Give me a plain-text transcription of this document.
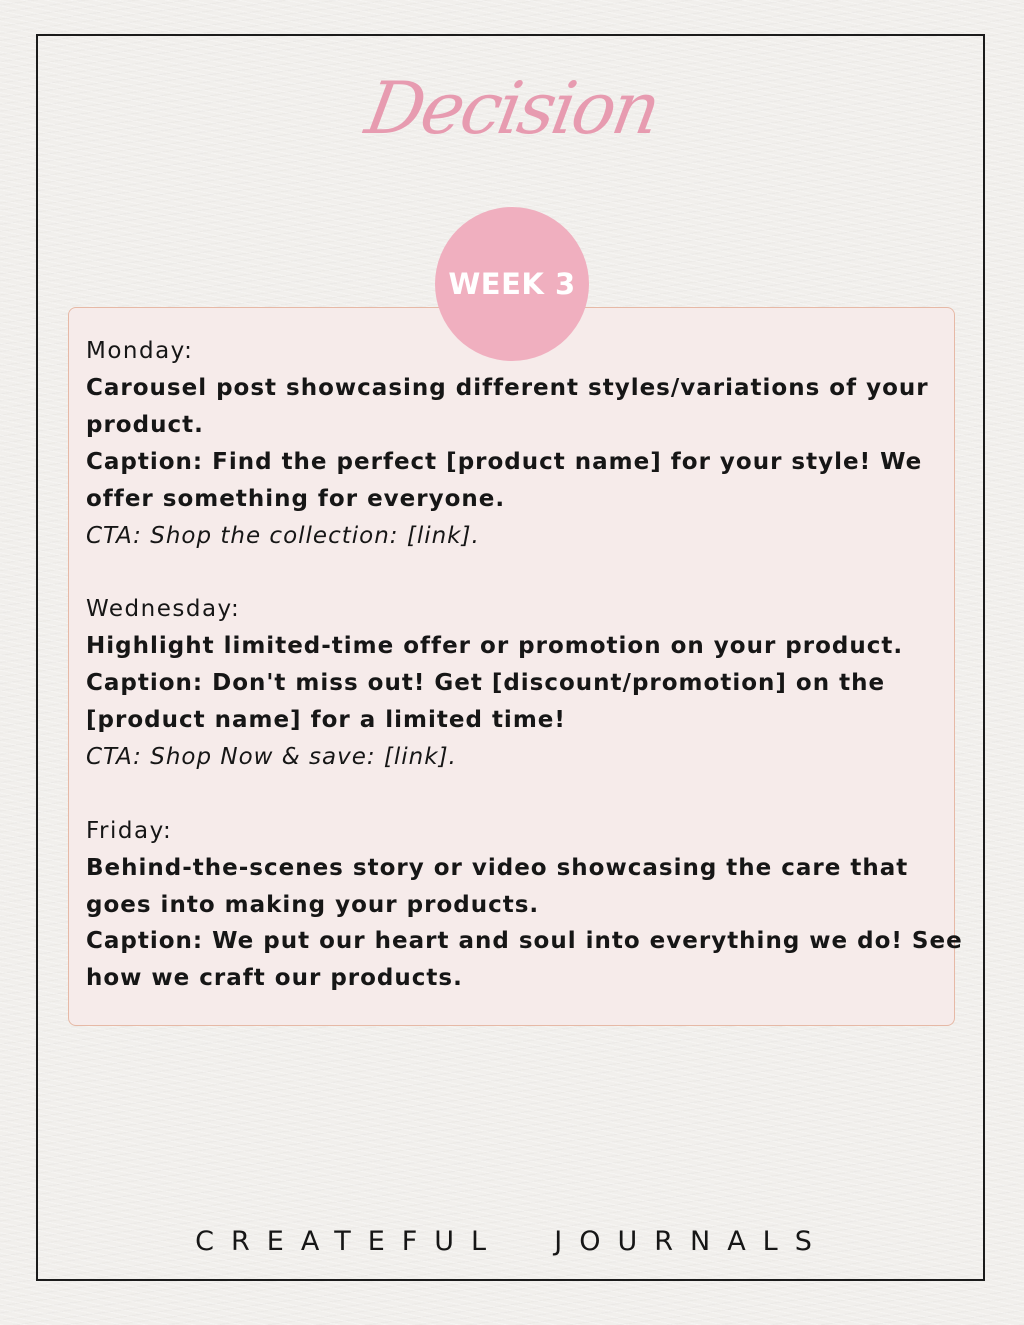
Decision
WEEK 3
Monday:
Carousel post showcasing different styles/variations of your
product.
Caption: Find the perfect [product name] for your style! We
offer something for everyone.
CTA: Shop the collection: [link].
Wednesday:
Highlight limited-time offer or promotion on your product.
Caption: Don't miss out! Get [discount/promotion] on the
[product name] for a limited time!
CTA: Shop Now & save: [link].
Friday:
Behind-the-scenes story or video showcasing the care that
goes into making your products.
Caption: We put our heart and soul into everything we do! See
how we craft our products.
CREATEFUL  JOURNALS
